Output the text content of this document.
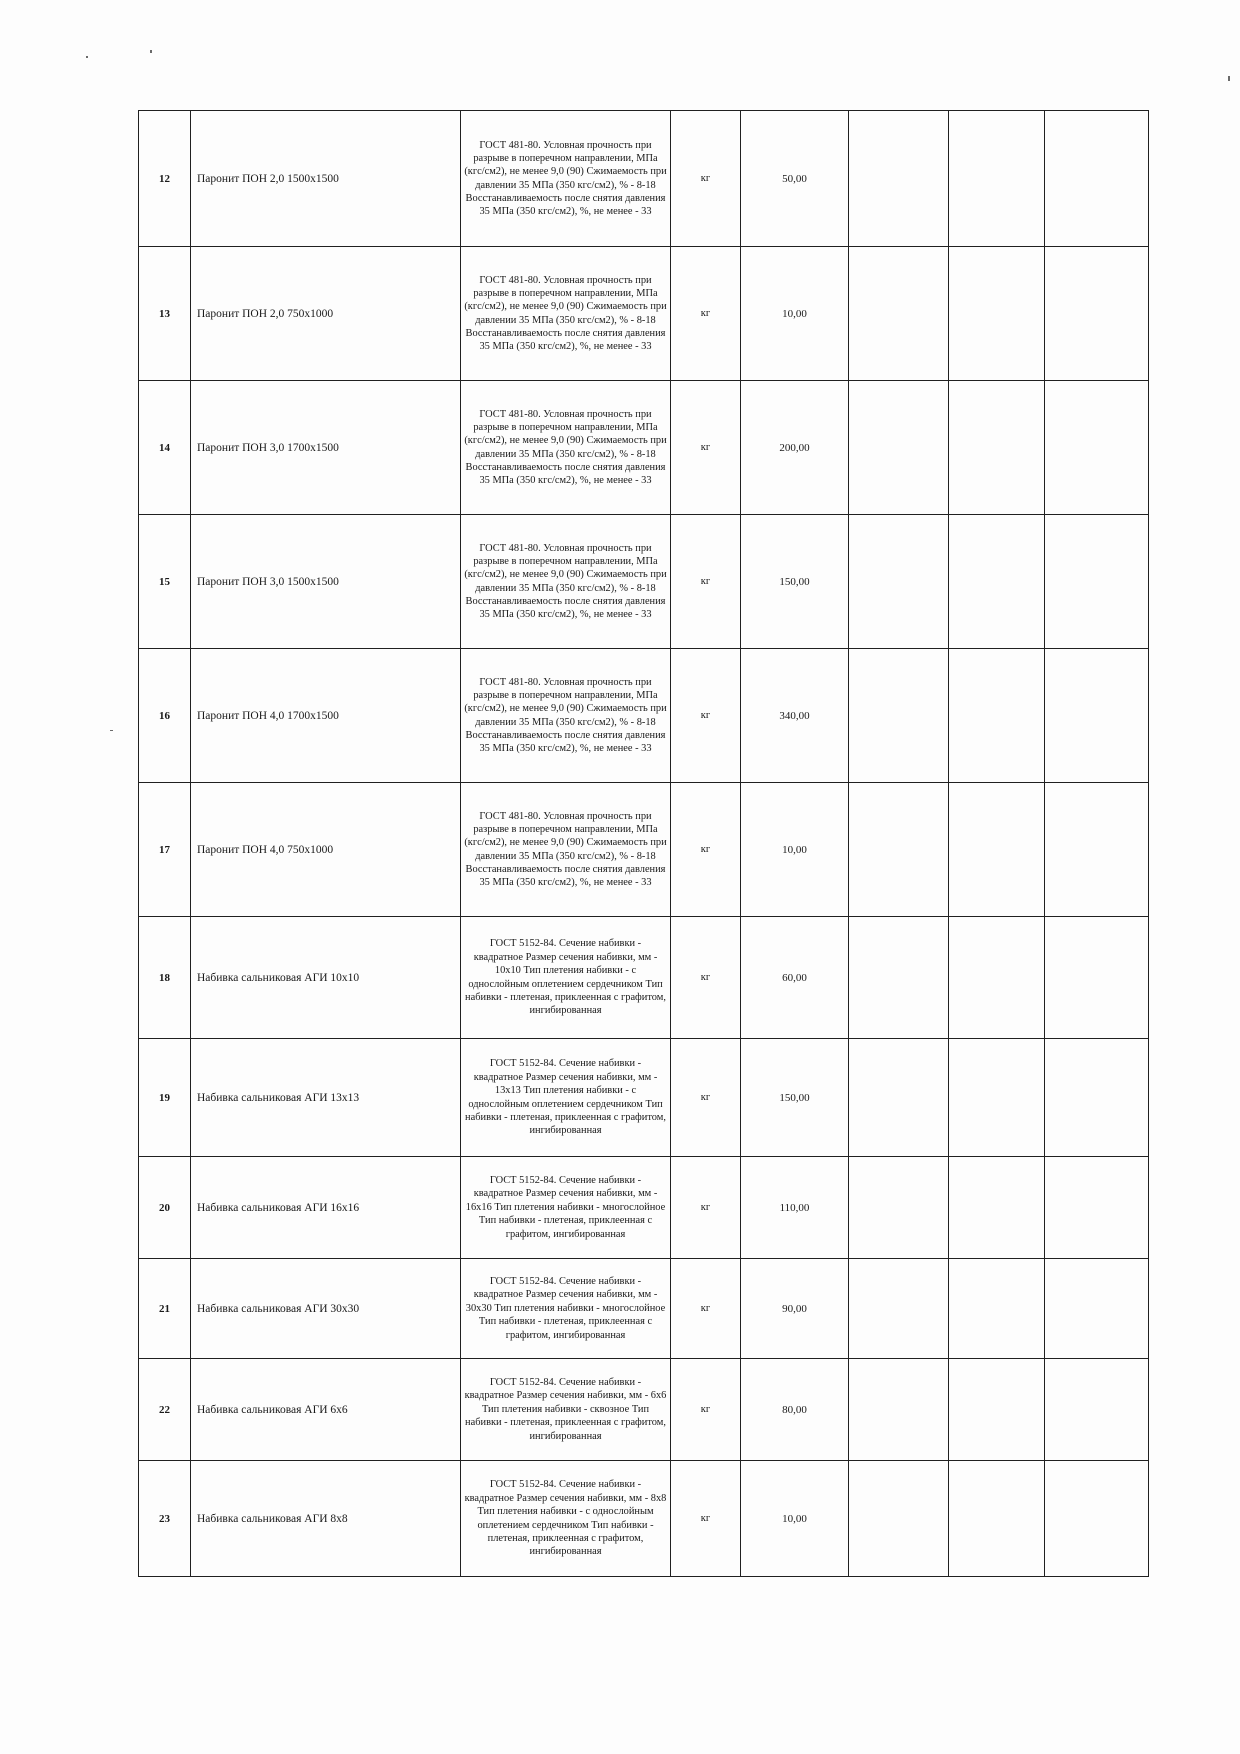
12	Паронит ПОН 2,0 1500x1500	ГОСТ 481-80. Условная прочность при разрыве в поперечном направлении, МПа (кгс/см2), не менее 9,0 (90) Сжимаемость при давлении 35 МПа (350 кгс/см2), % - 8-18 Восстанавливаемость после снятия давления 35 МПа (350 кгс/см2), %, не менее - 33	кг	50,00			
13	Паронит ПОН 2,0 750x1000	ГОСТ 481-80. Условная прочность при разрыве в поперечном направлении, МПа (кгс/см2), не менее 9,0 (90) Сжимаемость при давлении 35 МПа (350 кгс/см2), % - 8-18 Восстанавливаемость после снятия давления 35 МПа (350 кгс/см2), %, не менее - 33	кг	10,00			
14	Паронит ПОН 3,0 1700x1500	ГОСТ 481-80. Условная прочность при разрыве в поперечном направлении, МПа (кгс/см2), не менее 9,0 (90) Сжимаемость при давлении 35 МПа (350 кгс/см2), % - 8-18 Восстанавливаемость после снятия давления 35 МПа (350 кгс/см2), %, не менее - 33	кг	200,00			
15	Паронит ПОН 3,0 1500x1500	ГОСТ 481-80. Условная прочность при разрыве в поперечном направлении, МПа (кгс/см2), не менее 9,0 (90) Сжимаемость при давлении 35 МПа (350 кгс/см2), % - 8-18 Восстанавливаемость после снятия давления 35 МПа (350 кгс/см2), %, не менее - 33	кг	150,00			
16	Паронит ПОН 4,0 1700x1500	ГОСТ 481-80. Условная прочность при разрыве в поперечном направлении, МПа (кгс/см2), не менее 9,0 (90) Сжимаемость при давлении 35 МПа (350 кгс/см2), % - 8-18 Восстанавливаемость после снятия давления 35 МПа (350 кгс/см2), %, не менее - 33	кг	340,00			
17	Паронит ПОН 4,0 750x1000	ГОСТ 481-80. Условная прочность при разрыве в поперечном направлении, МПа (кгс/см2), не менее 9,0 (90) Сжимаемость при давлении 35 МПа (350 кгс/см2), % - 8-18 Восстанавливаемость после снятия давления 35 МПа (350 кгс/см2), %, не менее - 33	кг	10,00			
18	Набивка сальниковая АГИ 10x10	ГОСТ 5152-84. Сечение набивки - квадратное Размер сечения набивки, мм - 10x10 Тип плетения набивки - с однослойным оплетением сердечником Тип набивки - плетеная, приклеенная с графитом, ингибированная	кг	60,00			
19	Набивка сальниковая АГИ 13x13	ГОСТ 5152-84. Сечение набивки - квадратное Размер сечения набивки, мм - 13x13 Тип плетения набивки - с однослойным оплетением сердечником Тип набивки - плетеная, приклеенная с графитом, ингибированная	кг	150,00			
20	Набивка сальниковая АГИ 16x16	ГОСТ 5152-84. Сечение набивки - квадратное Размер сечения набивки, мм - 16x16 Тип плетения набивки - многослойное Тип набивки - плетеная, приклеенная с графитом, ингибированная	кг	110,00			
21	Набивка сальниковая АГИ 30x30	ГОСТ 5152-84. Сечение набивки - квадратное Размер сечения набивки, мм - 30x30 Тип плетения набивки - многослойное Тип набивки - плетеная, приклеенная с графитом, ингибированная	кг	90,00			
22	Набивка сальниковая АГИ 6x6	ГОСТ 5152-84. Сечение набивки - квадратное Размер сечения набивки, мм - 6x6 Тип плетения набивки - сквозное Тип набивки - плетеная, приклеенная с графитом, ингибированная	кг	80,00			
23	Набивка сальниковая АГИ 8x8	ГОСТ 5152-84. Сечение набивки - квадратное Размер сечения набивки, мм - 8x8 Тип плетения набивки - с однослойным оплетением сердечником Тип набивки - плетеная, приклеенная с графитом, ингибированная	кг	10,00			
